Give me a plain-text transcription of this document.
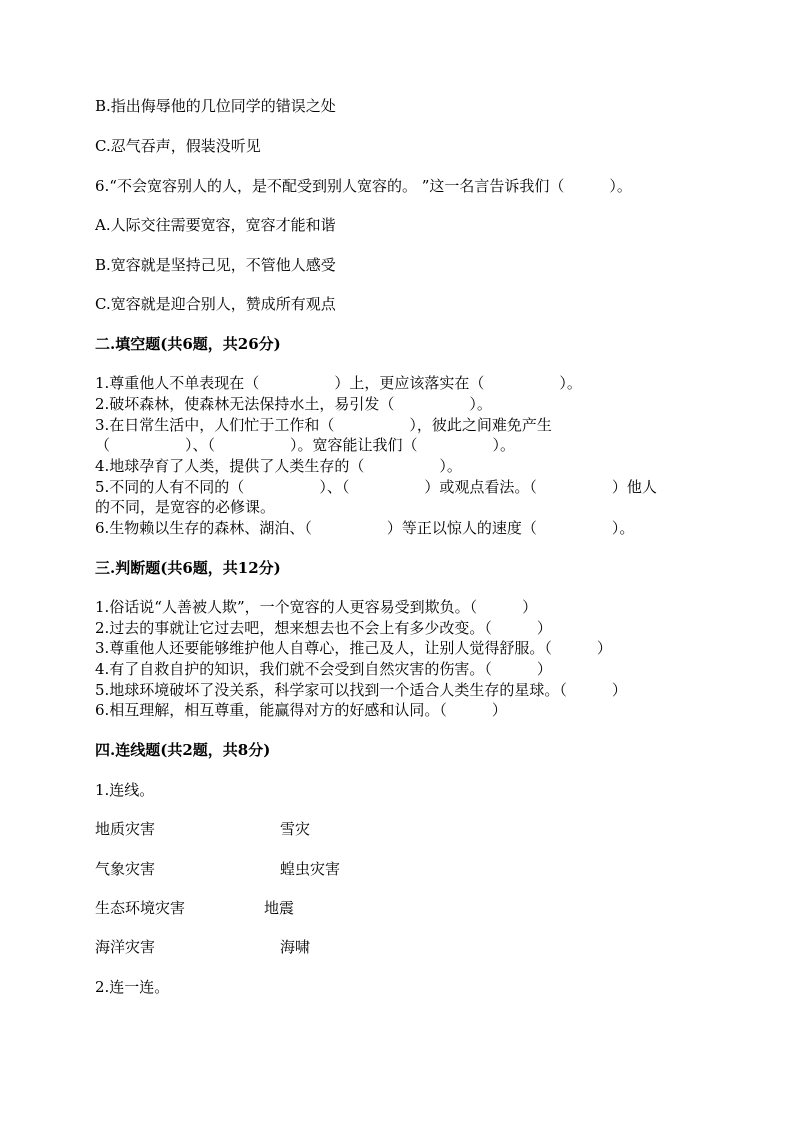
B.指出侮辱他的几位同学的错误之处
C.忍气吞声，假装没听见
6.“不会宽容别人的人，是不配受到别人宽容的。 ”这一名言告诉我们（　　　）。
A.人际交往需要宽容，宽容才能和谐
B.宽容就是坚持己见，不管他人感受
C.宽容就是迎合别人，赞成所有观点
二.填空题(共6题，共26分)
1.尊重他人不单表现在（　　　　　）上，更应该落实在（　　　　　）。
2.破坏森林，使森林无法保持水土，易引发（　　　　　）。
3.在日常生活中，人们忙于工作和（　　　　　），彼此之间难免产生
（　　　　　）、（　　　　　）。宽容能让我们（　　　　　）。
4.地球孕育了人类，提供了人类生存的（　　　　　）。
5.不同的人有不同的（　　　　　）、（　　　　　）或观点看法。（　　　　　）他人
的不同，是宽容的必修课。
6.生物赖以生存的森林、湖泊、（　　　　　）等正以惊人的速度（　　　　　）。
三.判断题(共6题，共12分)
1.俗话说“人善被人欺”，一个宽容的人更容易受到欺负。（　　　）
2.过去的事就让它过去吧，想来想去也不会上有多少改变。（　　　）
3.尊重他人还要能够维护他人自尊心，推己及人，让别人觉得舒服。（　　　）
4.有了自救自护的知识，我们就不会受到自然灾害的伤害。（　　　）
5.地球环境破坏了没关系，科学家可以找到一个适合人类生存的星球。（　　　）
6.相互理解，相互尊重，能赢得对方的好感和认同。（　　　）
四.连线题(共2题，共8分)
1.连线。
地质灾害	雪灾
气象灾害	蝗虫灾害
生态环境灾害	地震
海洋灾害	海啸
2.连一连。
